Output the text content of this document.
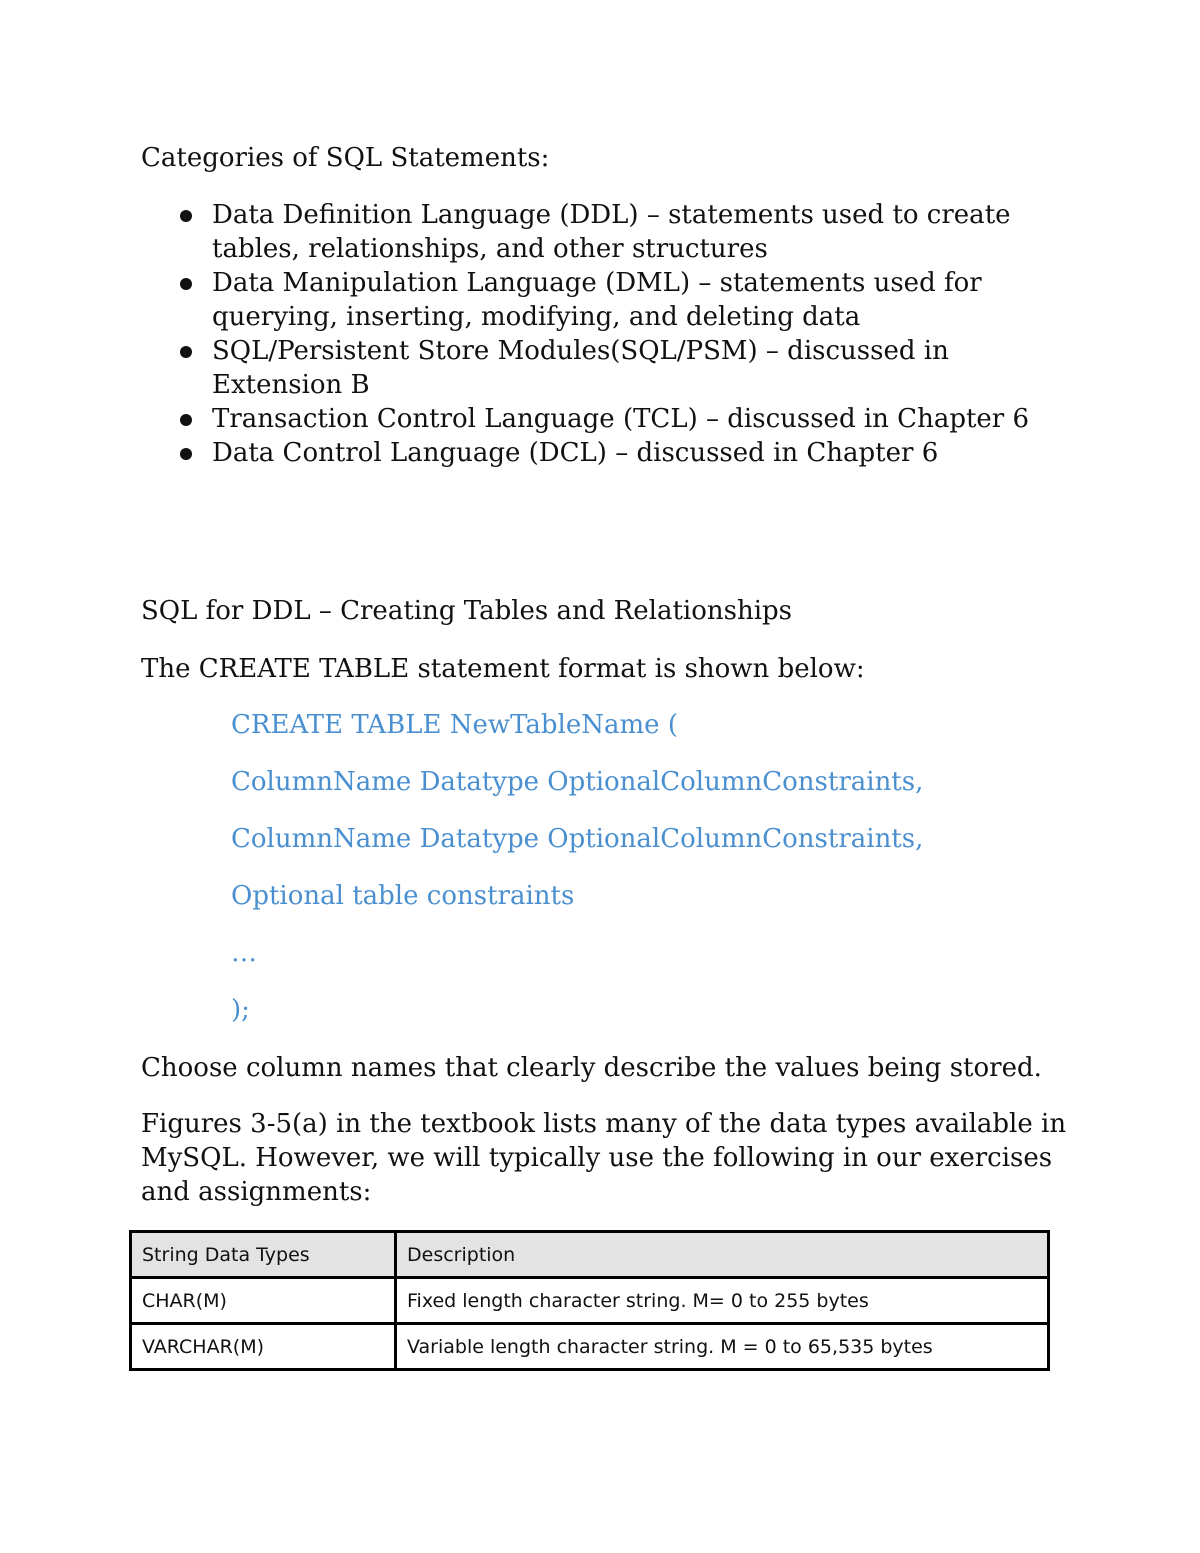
Categories of SQL Statements:

Data Definition Language (DDL) – statements used to create
tables, relationships, and other structures
Data Manipulation Language (DML) – statements used for
querying, inserting, modifying, and deleting data
SQL/Persistent Store Modules(SQL/PSM) – discussed in
Extension B
Transaction Control Language (TCL) – discussed in Chapter 6
Data Control Language (DCL) – discussed in Chapter 6

SQL for DDL – Creating Tables and Relationships

The CREATE TABLE statement format is shown below:

CREATE TABLE NewTableName (

ColumnName Datatype OptionalColumnConstraints,

ColumnName Datatype OptionalColumnConstraints,

Optional table constraints

…

);

Choose column names that clearly describe the values being stored.

Figures 3-5(a) in the textbook lists many of the data types available in

MySQL. However, we will typically use the following in our exercises

and assignments:

String Data Types	Description
CHAR(M)	Fixed length character string. M= 0 to 255 bytes
VARCHAR(M)	Variable length character string. M = 0 to 65,535 bytes
